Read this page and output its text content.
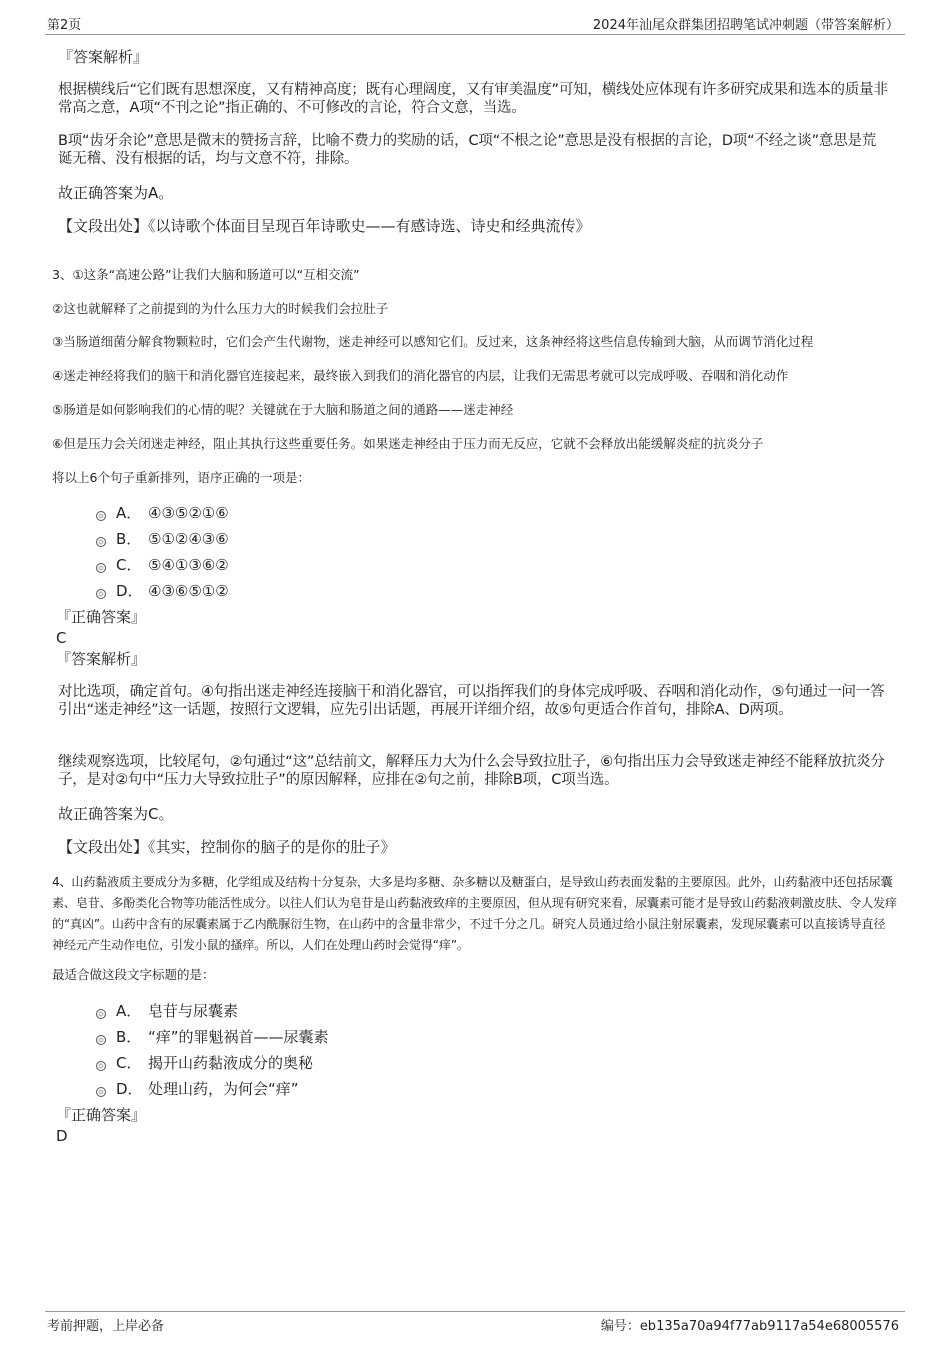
第2页	2024年汕尾众群集团招聘笔试冲刺题（带答案解析）
『答案解析』
根据横线后“它们既有思想深度，又有精神高度；既有心理阔度，又有审美温度”可知，横线处应体现有许多研究成果和选本的质量非常高之意，A项“不刊之论”指正确的、不可修改的言论，符合文意，当选。
B项“齿牙余论”意思是微末的赞扬言辞，比喻不费力的奖励的话，C项“不根之论”意思是没有根据的言论，D项“不经之谈”意思是荒诞无稽、没有根据的话，均与文意不符，排除。
故正确答案为A。
【文段出处】《以诗歌个体面目呈现百年诗歌史——有感诗选、诗史和经典流传》
3、①这条“高速公路”让我们大脑和肠道可以“互相交流”
②这也就解释了之前提到的为什么压力大的时候我们会拉肚子
③当肠道细菌分解食物颗粒时，它们会产生代谢物，迷走神经可以感知它们。反过来，这条神经将这些信息传输到大脑，从而调节消化过程
④迷走神经将我们的脑干和消化器官连接起来，最终嵌入到我们的消化器官的内层，让我们无需思考就可以完成呼吸、吞咽和消化动作
⑤肠道是如何影响我们的心情的呢？关键就在于大脑和肠道之间的通路——迷走神经
⑥但是压力会关闭迷走神经，阻止其执行这些重要任务。如果迷走神经由于压力而无反应，它就不会释放出能缓解炎症的抗炎分子
将以上6个句子重新排列，语序正确的一项是：
A． ④③⑤②①⑥
B． ⑤①②④③⑥
C． ⑤④①③⑥②
D． ④③⑥⑤①②
『正确答案』
C
『答案解析』
对比选项，确定首句。④句指出迷走神经连接脑干和消化器官，可以指挥我们的身体完成呼吸、吞咽和消化动作，⑤句通过一问一答引出“迷走神经”这一话题，按照行文逻辑，应先引出话题，再展开详细介绍，故⑤句更适合作首句，排除A、D两项。
继续观察选项，比较尾句，②句通过“这”总结前文，解释压力大为什么会导致拉肚子，⑥句指出压力会导致迷走神经不能释放抗炎分子，是对②句中“压力大导致拉肚子”的原因解释，应排在②句之前，排除B项，C项当选。
故正确答案为C。
【文段出处】《其实，控制你的脑子的是你的肚子》
4、山药黏液质主要成分为多糖，化学组成及结构十分复杂，大多是均多糖、杂多糖以及糖蛋白，是导致山药表面发黏的主要原因。此外，山药黏液中还包括尿囊素、皂苷、多酚类化合物等功能活性成分。以往人们认为皂苷是山药黏液致痒的主要原因，但从现有研究来看，尿囊素可能才是导致山药黏液刺激皮肤、令人发痒的“真凶”。山药中含有的尿囊素属于乙内酰脲衍生物，在山药中的含量非常少，不过千分之几。研究人员通过给小鼠注射尿囊素，发现尿囊素可以直接诱导直径神经元产生动作电位，引发小鼠的搔痒。所以，人们在处理山药时会觉得“痒”。
最适合做这段文字标题的是：
A． 皂苷与尿囊素
B． “痒”的罪魁祸首——尿囊素
C． 揭开山药黏液成分的奥秘
D． 处理山药，为何会“痒”
『正确答案』
D
考前押题，上岸必备	编号：eb135a70a94f77ab9117a54e68005576
